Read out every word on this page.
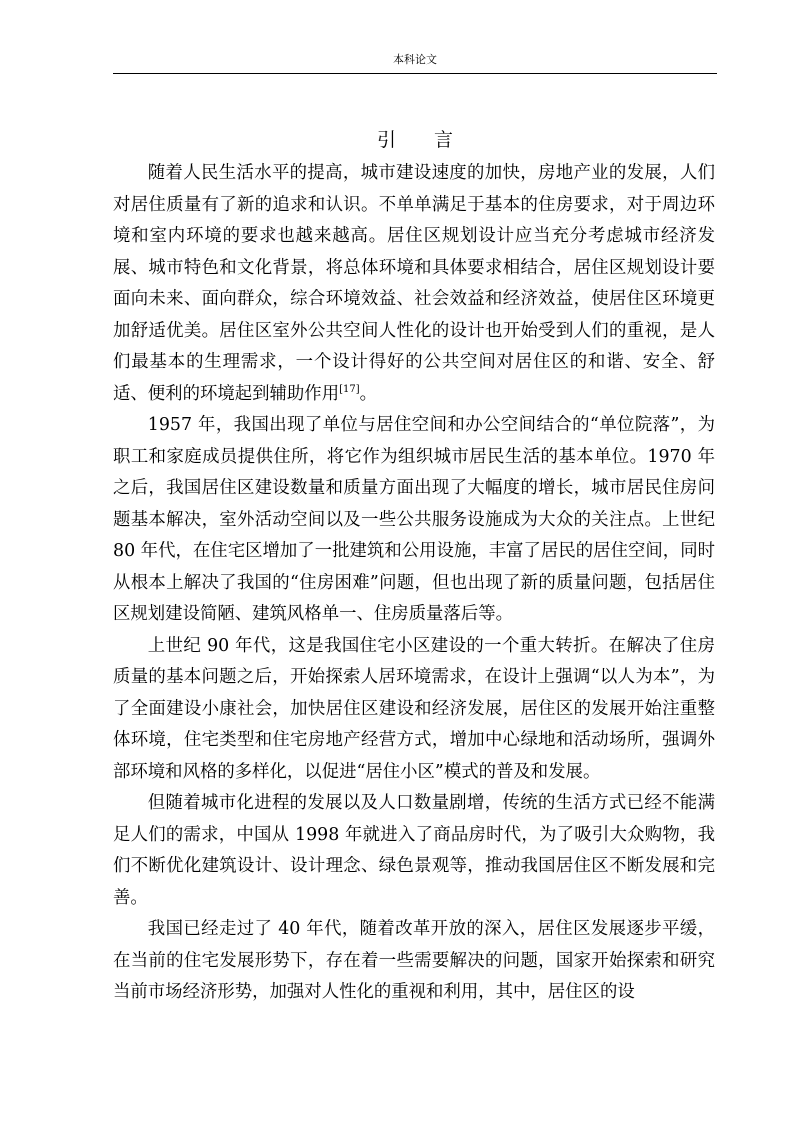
本科论文
引言

随着人民生活水平的提高，城市建设速度的加快，房地产业的发展，人们对居住质量有了新的追求和认识。不单单满足于基本的住房要求，对于周边环境和室内环境的要求也越来越高。居住区规划设计应当充分考虑城市经济发展、城市特色和文化背景，将总体环境和具体要求相结合，居住区规划设计要面向未来、面向群众，综合环境效益、社会效益和经济效益，使居住区环境更加舒适优美。居住区室外公共空间人性化的设计也开始受到人们的重视，是人们最基本的生理需求，一个设计得好的公共空间对居住区的和谐、安全、舒适、便利的环境起到辅助作用[17]。

1957 年，我国出现了单位与居住空间和办公空间结合的“单位院落”，为职工和家庭成员提供住所，将它作为组织城市居民生活的基本单位。1970 年之后，我国居住区建设数量和质量方面出现了大幅度的增长，城市居民住房问题基本解决，室外活动空间以及一些公共服务设施成为大众的关注点。上世纪 80 年代，在住宅区增加了一批建筑和公用设施，丰富了居民的居住空间，同时从根本上解决了我国的“住房困难”问题，但也出现了新的质量问题，包括居住区规划建设简陋、建筑风格单一、住房质量落后等。

上世纪 90 年代，这是我国住宅小区建设的一个重大转折。在解决了住房质量的基本问题之后，开始探索人居环境需求，在设计上强调“以人为本”，为了全面建设小康社会，加快居住区建设和经济发展，居住区的发展开始注重整体环境，住宅类型和住宅房地产经营方式，增加中心绿地和活动场所，强调外部环境和风格的多样化，以促进“居住小区”模式的普及和发展。

但随着城市化进程的发展以及人口数量剧增，传统的生活方式已经不能满足人们的需求，中国从 1998 年就进入了商品房时代，为了吸引大众购物，我们不断优化建筑设计、设计理念、绿色景观等，推动我国居住区不断发展和完善。

我国已经走过了 40 年代，随着改革开放的深入，居住区发展逐步平缓，在当前的住宅发展形势下，存在着一些需要解决的问题，国家开始探索和研究当前市场经济形势，加强对人性化的重视和利用，其中，居住区的设
